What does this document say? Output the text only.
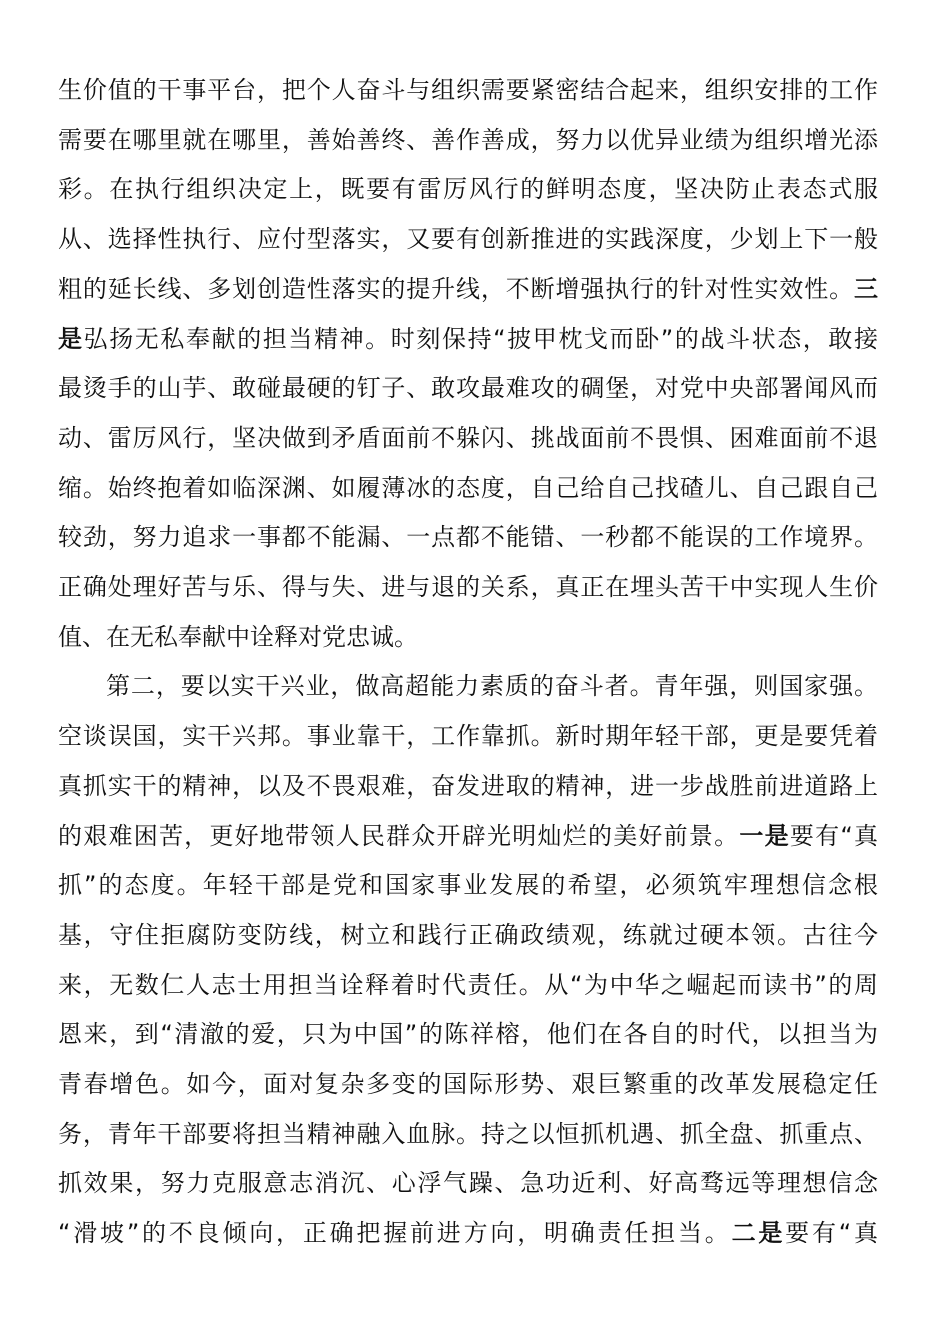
生价值的干事平台，把个人奋斗与组织需要紧密结合起来，组织安排的工作
需要在哪里就在哪里，善始善终、善作善成，努力以优异业绩为组织增光添
彩。在执行组织决定上，既要有雷厉风行的鲜明态度，坚决防止表态式服
从、选择性执行、应付型落实，又要有创新推进的实践深度，少划上下一般
粗的延长线、多划创造性落实的提升线，不断增强执行的针对性实效性。三
是弘扬无私奉献的担当精神。时刻保持“披甲枕戈而卧”的战斗状态，敢接
最烫手的山芋、敢碰最硬的钉子、敢攻最难攻的碉堡，对党中央部署闻风而
动、雷厉风行，坚决做到矛盾面前不躲闪、挑战面前不畏惧、困难面前不退
缩。始终抱着如临深渊、如履薄冰的态度，自己给自己找碴儿、自己跟自己
较劲，努力追求一事都不能漏、一点都不能错、一秒都不能误的工作境界。
正确处理好苦与乐、得与失、进与退的关系，真正在埋头苦干中实现人生价
值、在无私奉献中诠释对党忠诚。
第二，要以实干兴业，做高超能力素质的奋斗者。青年强，则国家强。
空谈误国，实干兴邦。事业靠干，工作靠抓。新时期年轻干部，更是要凭着
真抓实干的精神，以及不畏艰难，奋发进取的精神，进一步战胜前进道路上
的艰难困苦，更好地带领人民群众开辟光明灿烂的美好前景。一是要有“真
抓”的态度。年轻干部是党和国家事业发展的希望，必须筑牢理想信念根
基，守住拒腐防变防线，树立和践行正确政绩观，练就过硬本领。古往今
来，无数仁人志士用担当诠释着时代责任。从“为中华之崛起而读书”的周
恩来，到“清澈的爱，只为中国”的陈祥榕，他们在各自的时代，以担当为
青春增色。如今，面对复杂多变的国际形势、艰巨繁重的改革发展稳定任
务，青年干部要将担当精神融入血脉。持之以恒抓机遇、抓全盘、抓重点、
抓效果，努力克服意志消沉、心浮气躁、急功近利、好高骛远等理想信念
“滑坡”的不良倾向，正确把握前进方向，明确责任担当。二是要有“真
